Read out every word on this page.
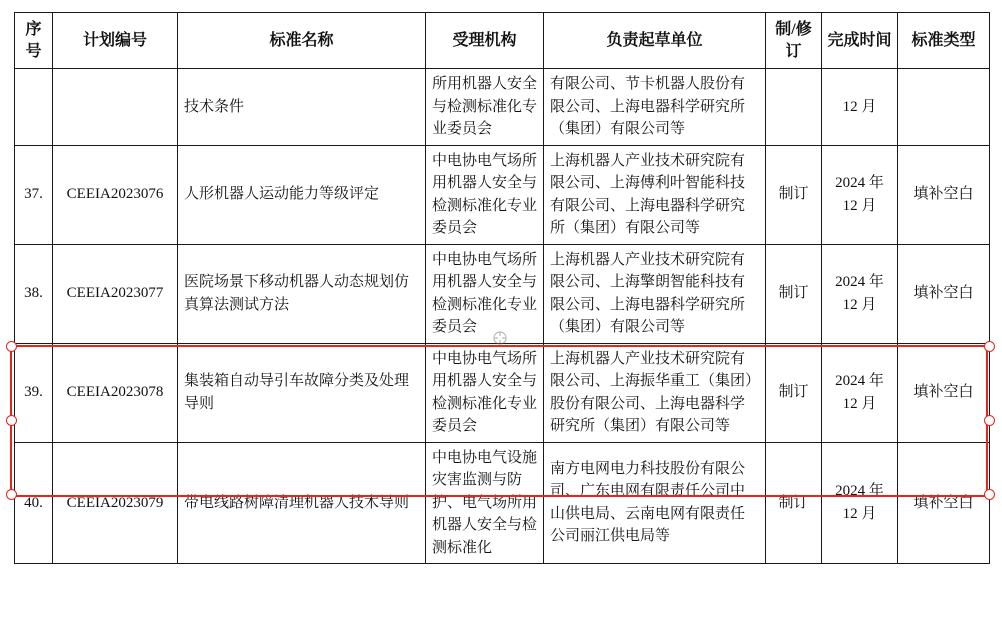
序号	计划编号	标准名称	受理机构	负责起草单位	制/修订	完成时间	标准类型
		技术条件	所用机器人安全与检测标准化专业委员会	有限公司、节卡机器人股份有限公司、上海电器科学研究所（集团）有限公司等		12 月	
37.	CEEIA2023076	人形机器人运动能力等级评定	中电协电气场所用机器人安全与检测标准化专业委员会	上海机器人产业技术研究院有限公司、上海傅利叶智能科技有限公司、上海电器科学研究所（集团）有限公司等	制订	2024 年12 月	填补空白
38.	CEEIA2023077	医院场景下移动机器人动态规划仿真算法测试方法	中电协电气场所用机器人安全与检测标准化专业委员会	上海机器人产业技术研究院有限公司、上海擎朗智能科技有限公司、上海电器科学研究所（集团）有限公司等	制订	2024 年12 月	填补空白
39.	CEEIA2023078	集装箱自动导引车故障分类及处理导则	中电协电气场所用机器人安全与检测标准化专业委员会	上海机器人产业技术研究院有限公司、上海振华重工（集团）股份有限公司、上海电器科学研究所（集团）有限公司等	制订	2024 年12 月	填补空白
40.	CEEIA2023079	带电线路树障清理机器人技术导则	中电协电气设施灾害监测与防护、电气场所用机器人安全与检测标准化	南方电网电力科技股份有限公司、广东电网有限责任公司中山供电局、云南电网有限责任公司丽江供电局等	制订	2024 年12 月	填补空白
